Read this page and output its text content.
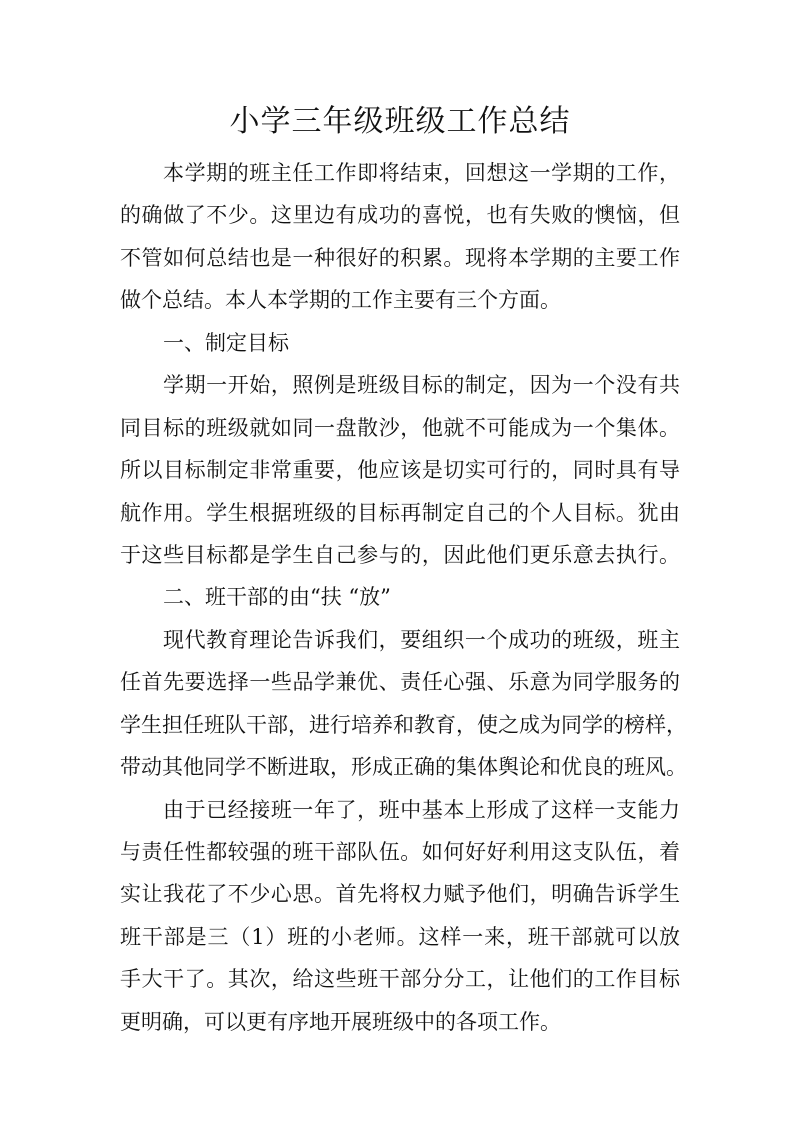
小学三年级班级工作总结
本学期的班主任工作即将结束，回想这一学期的工作，
的确做了不少。这里边有成功的喜悦，也有失败的懊恼，但
不管如何总结也是一种很好的积累。现将本学期的主要工作
做个总结。本人本学期的工作主要有三个方面。
一、制定目标
学期一开始，照例是班级目标的制定，因为一个没有共
同目标的班级就如同一盘散沙，他就不可能成为一个集体。
所以目标制定非常重要，他应该是切实可行的，同时具有导
航作用。学生根据班级的目标再制定自己的个人目标。犹由
于这些目标都是学生自己参与的，因此他们更乐意去执行。
二、班干部的由“扶 “放”
现代教育理论告诉我们，要组织一个成功的班级，班主
任首先要选择一些品学兼优、责任心强、乐意为同学服务的
学生担任班队干部，进行培养和教育，使之成为同学的榜样，
带动其他同学不断进取，形成正确的集体舆论和优良的班风。
由于已经接班一年了，班中基本上形成了这样一支能力
与责任性都较强的班干部队伍。如何好好利用这支队伍，着
实让我花了不少心思。首先将权力赋予他们，明确告诉学生
班干部是三（1）班的小老师。这样一来，班干部就可以放
手大干了。其次，给这些班干部分分工，让他们的工作目标
更明确，可以更有序地开展班级中的各项工作。
